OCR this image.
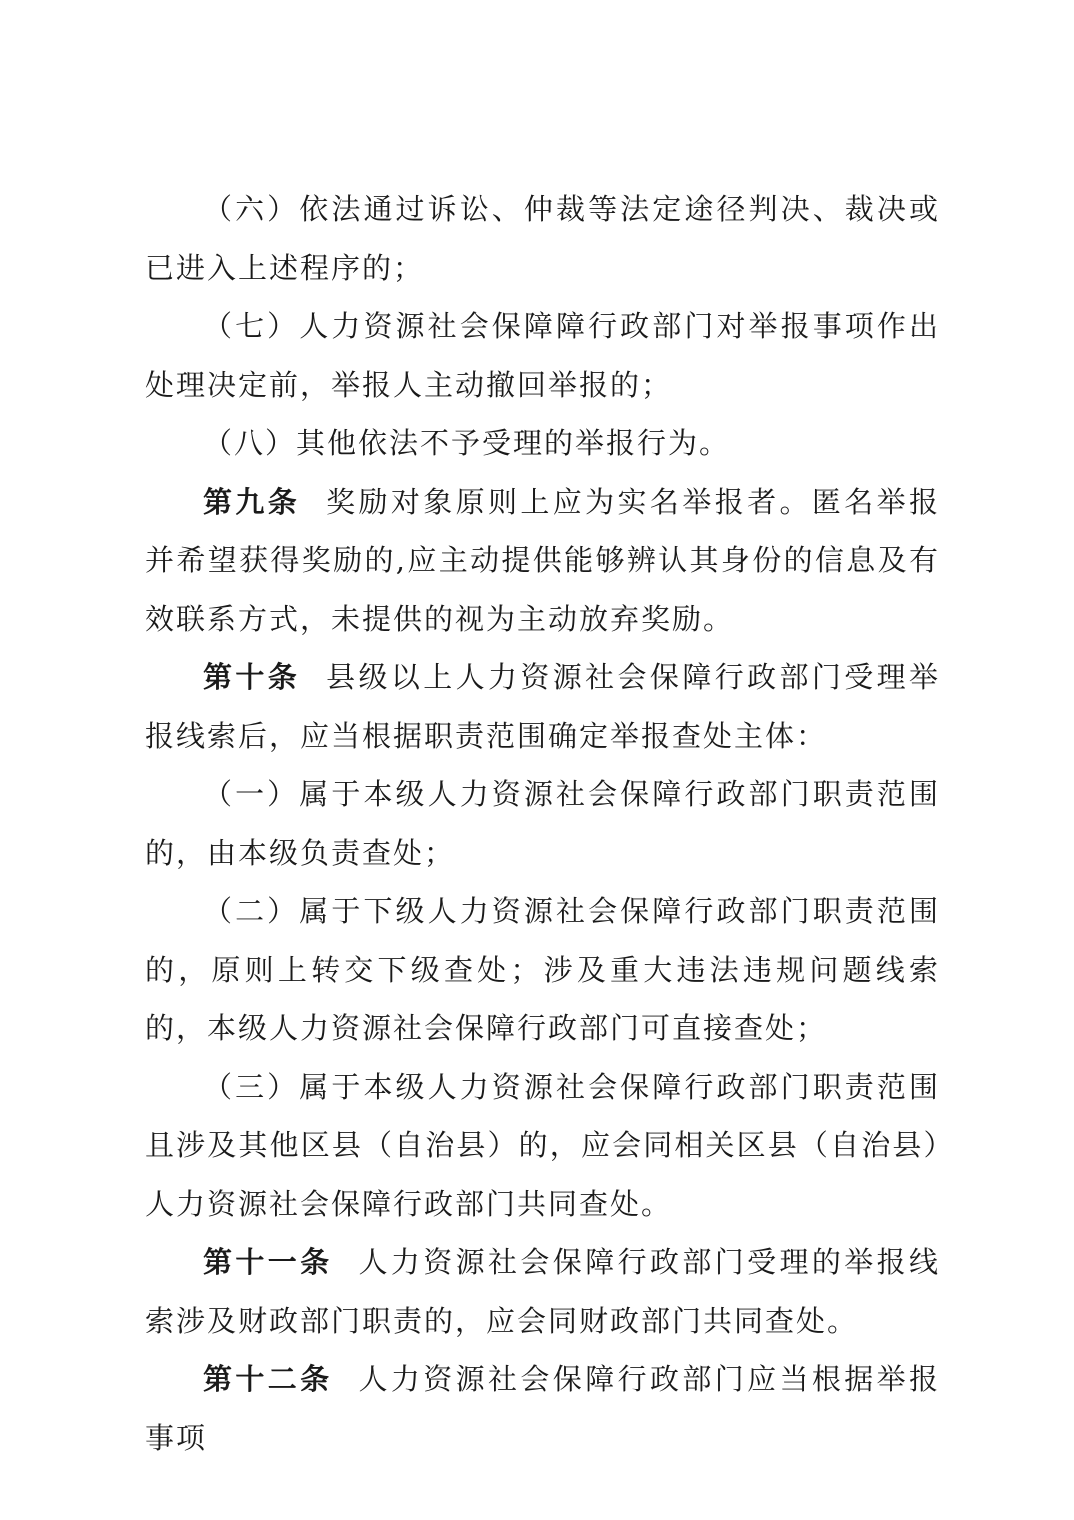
（六）依法通过诉讼、仲裁等法定途径判决、裁决或已进入上述程序的；

（七）人力资源社会保障障行政部门对举报事项作出处理决定前，举报人主动撤回举报的；

（八）其他依法不予受理的举报行为。

第九条 奖励对象原则上应为实名举报者。匿名举报并希望获得奖励的,应主动提供能够辨认其身份的信息及有效联系方式，未提供的视为主动放弃奖励。

第十条 县级以上人力资源社会保障行政部门受理举报线索后，应当根据职责范围确定举报查处主体：

（一）属于本级人力资源社会保障行政部门职责范围的，由本级负责查处；

（二）属于下级人力资源社会保障行政部门职责范围的，原则上转交下级查处；涉及重大违法违规问题线索的，本级人力资源社会保障行政部门可直接查处；

（三）属于本级人力资源社会保障行政部门职责范围且涉及其他区县（自治县）的，应会同相关区县（自治县）人力资源社会保障行政部门共同查处。

第十一条 人力资源社会保障行政部门受理的举报线索涉及财政部门职责的，应会同财政部门共同查处。

第十二条 人力资源社会保障行政部门应当根据举报事项
